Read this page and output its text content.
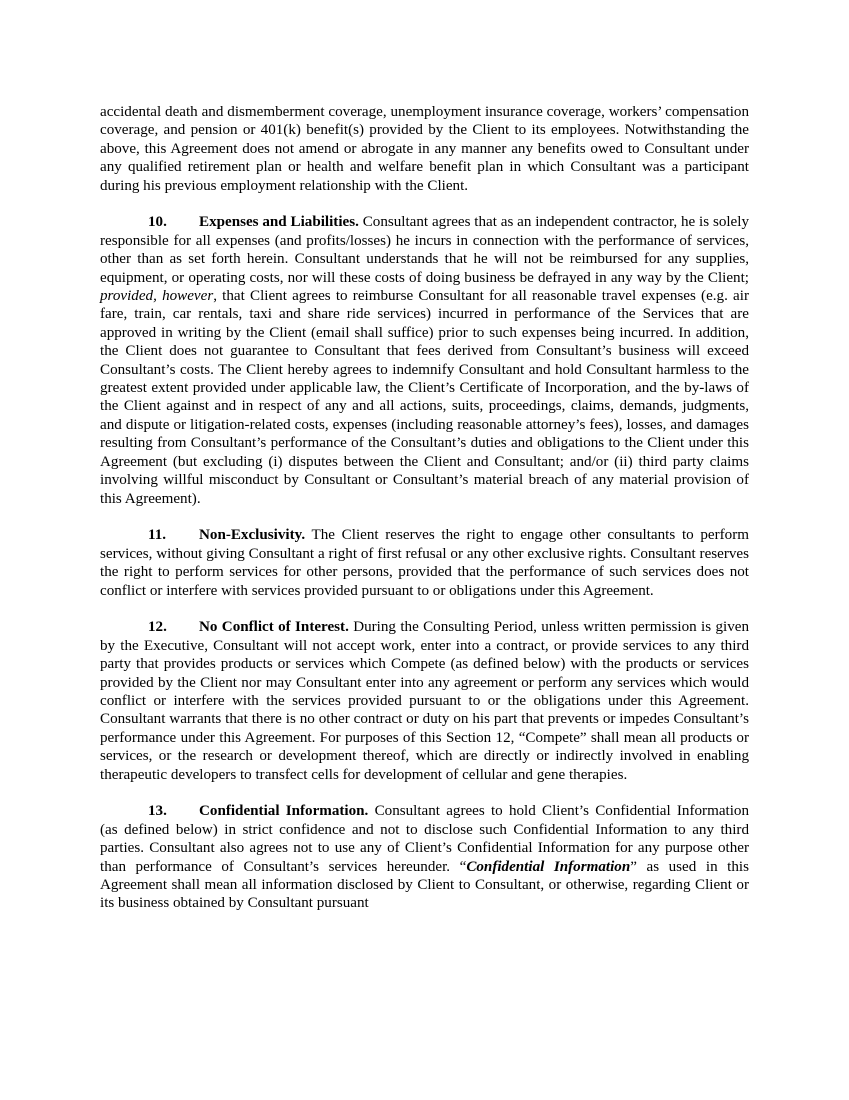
accidental death and dismemberment coverage, unemployment insurance coverage, workers’ compensation coverage, and pension or 401(k) benefit(s) provided by the Client to its employees. Notwithstanding the above, this Agreement does not amend or abrogate in any manner any benefits owed to Consultant under any qualified retirement plan or health and welfare benefit plan in which Consultant was a participant during his previous employment relationship with the Client.

10. Expenses and Liabilities. Consultant agrees that as an independent contractor, he is solely responsible for all expenses (and profits/losses) he incurs in connection with the performance of services, other than as set forth herein. Consultant understands that he will not be reimbursed for any supplies, equipment, or operating costs, nor will these costs of doing business be defrayed in any way by the Client; provided, however, that Client agrees to reimburse Consultant for all reasonable travel expenses (e.g. air fare, train, car rentals, taxi and share ride services) incurred in performance of the Services that are approved in writing by the Client (email shall suffice) prior to such expenses being incurred. In addition, the Client does not guarantee to Consultant that fees derived from Consultant’s business will exceed Consultant’s costs. The Client hereby agrees to indemnify Consultant and hold Consultant harmless to the greatest extent provided under applicable law, the Client’s Certificate of Incorporation, and the by-laws of the Client against and in respect of any and all actions, suits, proceedings, claims, demands, judgments, and dispute or litigation-related costs, expenses (including reasonable attorney’s fees), losses, and damages resulting from Consultant’s performance of the Consultant’s duties and obligations to the Client under this Agreement (but excluding (i) disputes between the Client and Consultant; and/or (ii) third party claims involving willful misconduct by Consultant or Consultant’s material breach of any material provision of this Agreement).

11. Non-Exclusivity. The Client reserves the right to engage other consultants to perform services, without giving Consultant a right of first refusal or any other exclusive rights. Consultant reserves the right to perform services for other persons, provided that the performance of such services does not conflict or interfere with services provided pursuant to or obligations under this Agreement.

12. No Conflict of Interest. During the Consulting Period, unless written permission is given by the Executive, Consultant will not accept work, enter into a contract, or provide services to any third party that provides products or services which Compete (as defined below) with the products or services provided by the Client nor may Consultant enter into any agreement or perform any services which would conflict or interfere with the services provided pursuant to or the obligations under this Agreement. Consultant warrants that there is no other contract or duty on his part that prevents or impedes Consultant’s performance under this Agreement. For purposes of this Section 12, “Compete” shall mean all products or services, or the research or development thereof, which are directly or indirectly involved in enabling therapeutic developers to transfect cells for development of cellular and gene therapies.

13. Confidential Information. Consultant agrees to hold Client’s Confidential Information (as defined below) in strict confidence and not to disclose such Confidential Information to any third parties. Consultant also agrees not to use any of Client’s Confidential Information for any purpose other than performance of Consultant’s services hereunder. “Confidential Information” as used in this Agreement shall mean all information disclosed by Client to Consultant, or otherwise, regarding Client or its business obtained by Consultant pursuant
